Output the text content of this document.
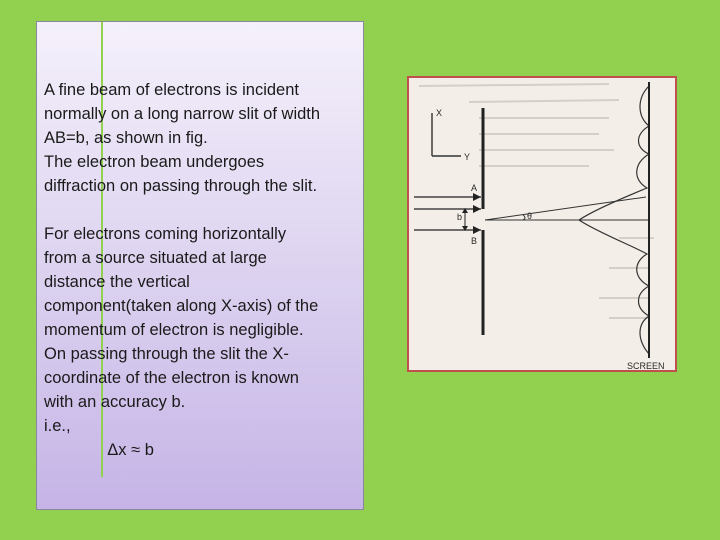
A fine beam of electrons is incident
normally on a long narrow slit of width
AB=b, as shown in fig.
The electron beam undergoes
diffraction on passing through the slit.

For electrons coming horizontally
from a source situated at large
distance the vertical
component(taken along X-axis) of the
momentum of electron is negligible.
On passing through the slit the X-
coordinate of the electron is known
with an accuracy b.
i.e.,

Δx ≈ b

X
Y
A
B
b	θ
SCREEN
